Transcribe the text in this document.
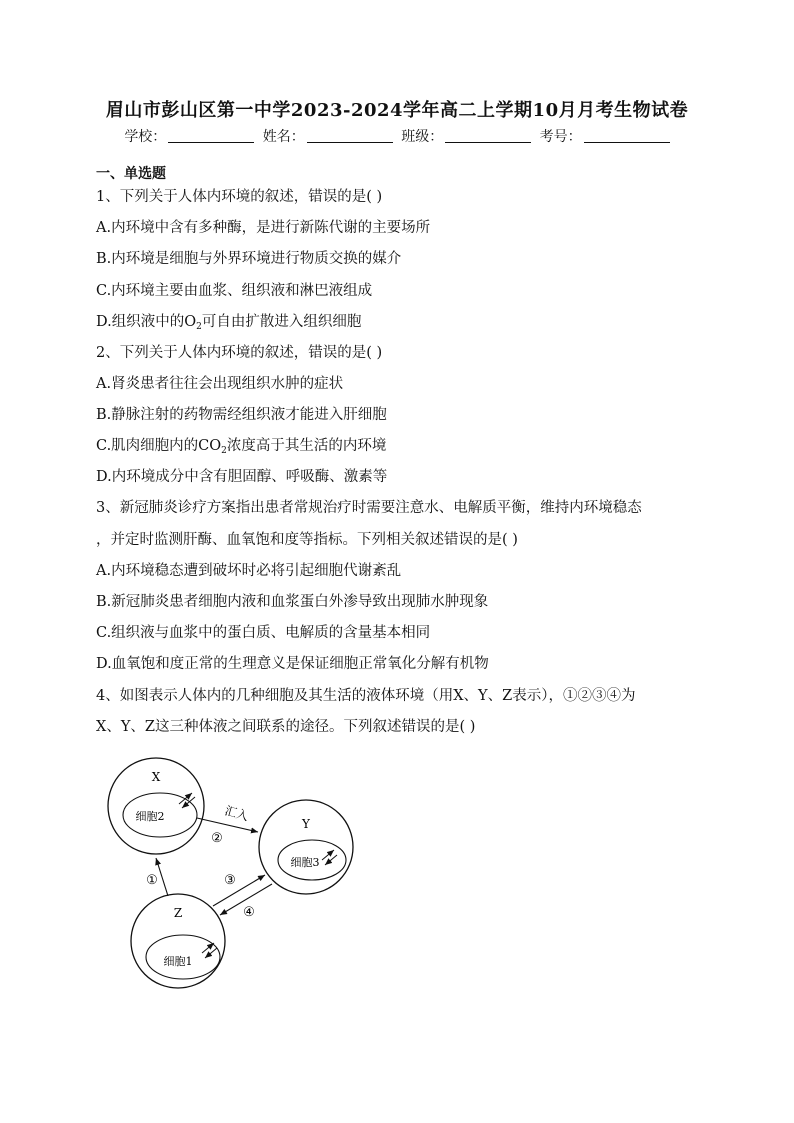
眉山市彭山区第一中学2023-2024学年高二上学期10月月考生物试卷
学校：	姓名：	班级：	考号：
一、单选题
1、下列关于人体内环境的叙述，错误的是( )
A.内环境中含有多种酶，是进行新陈代谢的主要场所
B.内环境是细胞与外界环境进行物质交换的媒介
C.内环境主要由血浆、组织液和淋巴液组成
D.组织液中的$O_2$可自由扩散进入组织细胞
2、下列关于人体内环境的叙述，错误的是( )
A.肾炎患者往往会出现组织水肿的症状
B.静脉注射的药物需经组织液才能进入肝细胞
C.肌肉细胞内的$CO_2$浓度高于其生活的内环境
D.内环境成分中含有胆固醇、呼吸酶、激素等
3、新冠肺炎诊疗方案指出患者常规治疗时需要注意水、电解质平衡，维持内环境稳态
，并定时监测肝酶、血氧饱和度等指标。下列相关叙述错误的是( )
A.内环境稳态遭到破坏时必将引起细胞代谢紊乱
B.新冠肺炎患者细胞内液和血浆蛋白外渗导致出现肺水肿现象
C.组织液与血浆中的蛋白质、电解质的含量基本相同
D.血氧饱和度正常的生理意义是保证细胞正常氧化分解有机物
4、如图表示人体内的几种细胞及其生活的液体环境（用X、Y、Z表示），①②③④为
X、Y、Z这三种体液之间联系的途径。下列叙述错误的是( )
X
细胞2
Y
细胞3
Z
细胞1
汇入
②
①	③
④
